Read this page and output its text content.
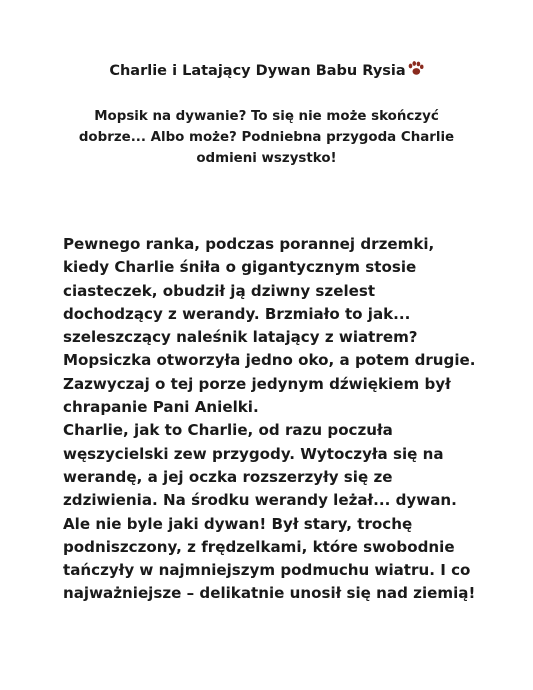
Charlie i Latający Dywan Babu Rysia
Mopsik na dywanie? To się nie może skończyć
dobrze... Albo może? Podniebna przygoda Charlie
odmieni wszystko!
Pewnego ranka, podczas porannej drzemki,
kiedy Charlie śniła o gigantycznym stosie
ciasteczek, obudził ją dziwny szelest
dochodzący z werandy. Brzmiało to jak...
szeleszczący naleśnik latający z wiatrem?
Mopsiczka otworzyła jedno oko, a potem drugie.
Zazwyczaj o tej porze jedynym dźwiękiem był
chrapanie Pani Anielki.
Charlie, jak to Charlie, od razu poczuła
węszycielski zew przygody. Wytoczyła się na
werandę, a jej oczka rozszerzyły się ze
zdziwienia. Na środku werandy leżał... dywan.
Ale nie byle jaki dywan! Był stary, trochę
podniszczony, z frędzelkami, które swobodnie
tańczyły w najmniejszym podmuchu wiatru. I co
najważniejsze – delikatnie unosił się nad ziemią!
